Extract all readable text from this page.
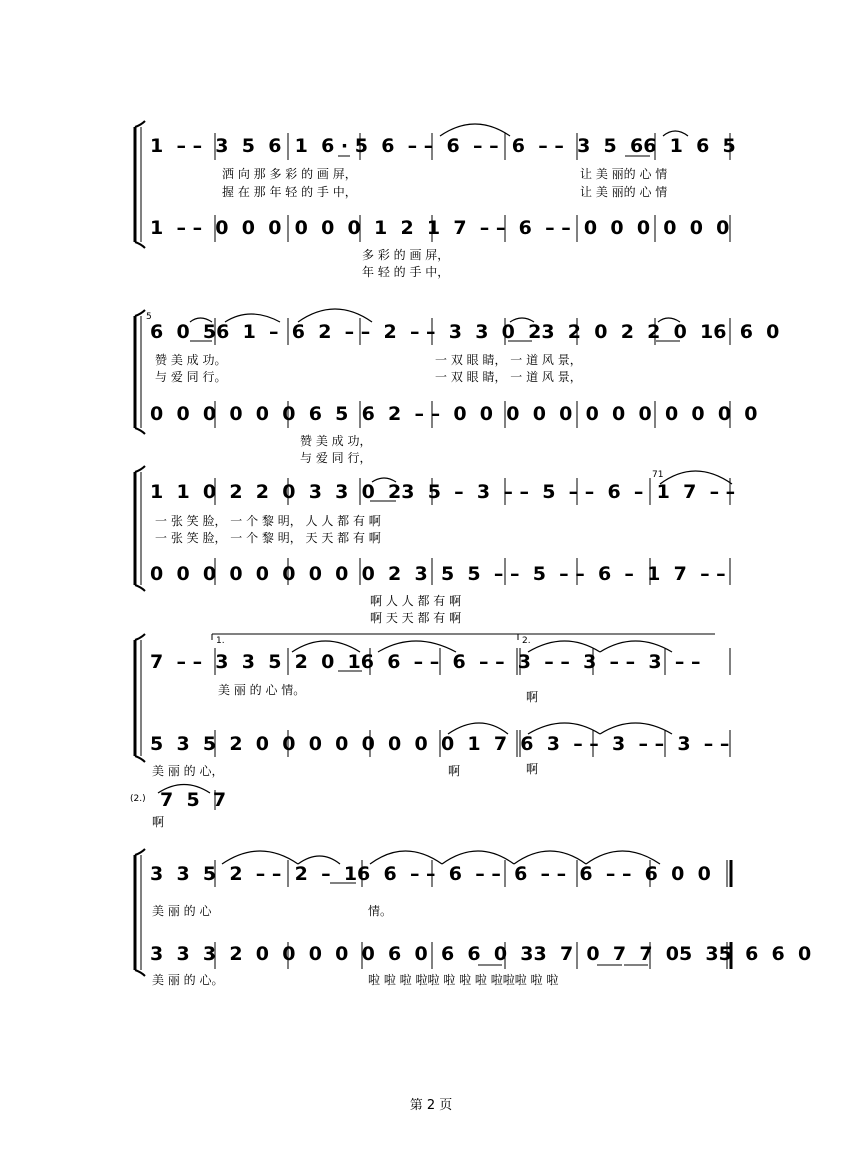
1  – –  3  5  6  1  6 · 5  6  – –  6  – –  6  – –  3  5  66  1  6  5
洒 向 那 多 彩 的 画 屏，	让 美 丽的 心 情
握 在 那 年 轻 的 手 中，	让 美 丽的 心 情
1  – –  0  0  0  0  0  0  1  2  1  7  – –  6  – –  0  0  0  0  0  0
多 彩 的 画 屏，
年 轻 的 手 中，
5
6  0  56  1  –  6  2  – –  2  – –  3  3  0  23  2  0  2  2  0  16  6  0
赞 美 成 功。	一 双 眼 睛， 一 道 风 景，
与 爱 同 行。	一 双 眼 睛， 一 道 风 景，
0  0  0  0  0  0  6  5  6  2  – –  0  0  0  0  0  0  0  0  0  0  0  0
赞 美 成 功，
与 爱 同 行，
71
1  1  0  2  2  0  3  3  0  23  5  –  3  – –  5  – –  6  –  1  7  – –
一 张 笑 脸， 一 个 黎 明， 人 人 都 有 啊
一 张 笑 脸， 一 个 黎 明， 天 天 都 有 啊
0  0  0  0  0  0  0  0  0  2  3  5  5  – –  5  – –  6  –  1  7  – –
啊 人 人 都 有 啊
啊 天 天 都 有 啊
1.	2.
7  – –  3  3  5  2  0  16  6  – –  6  – –  3  – –  3  – –  3  – –
美 丽 的 心 情。	啊
5  3  5  2  0  0  0  0  0  0  0  0  1  7  6  3  – –  3  – –  3  – –
美 丽 的 心，	啊	啊
(2.) 7  5  7
啊
3  3  5  2  – –  2  –  16  6  – –  6  – –  6  – –  6  – –  6  0  0
美 丽 的 心	情。
3  3  3  2  0  0  0  0  0  6  0  6  6  0  33  7  0  7  7  05  35  6  6  0
美 丽 的 心。	啦 啦 啦 啦啦 啦 啦 啦 啦啦啦 啦 啦
第 2 页
